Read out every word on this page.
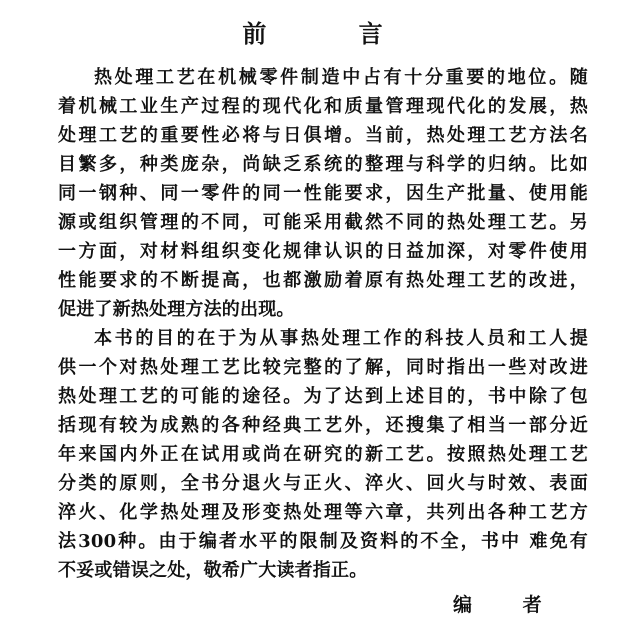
前 言
热处理工艺在机械零件制造中占有十分重要的地位。随
着机械工业生产过程的现代化和质量管理现代化的发展，热
处理工艺的重要性必将与日俱增。当前，热处理工艺方法名
目繁多，种类庞杂，尚缺乏系统的整理与科学的归纳。比如
同一钢种、同一零件的同一性能要求，因生产批量、使用能
源或组织管理的不同，可能采用截然不同的热处理工艺。另
一方面，对材料组织变化规律认识的日益加深，对零件使用
性能要求的不断提高，也都激励着原有热处理工艺的改进，
促进了新热处理方法的出现。
本书的目的在于为从事热处理工作的科技人员和工人提
供一个对热处理工艺比较完整的了解，同时指出一些对改进
热处理工艺的可能的途径。为了达到上述目的，书中除了包
括现有较为成熟的各种经典工艺外，还搜集了相当一部分近
年来国内外正在试用或尚在研究的新工艺。按照热处理工艺
分类的原则，全书分退火与正火、淬火、回火与时效、表面
淬火、化学热处理及形变热处理等六章，共列出各种工艺方
法300种。由于编者水平的限制及资料的不全，书中 难免有
不妥或错误之处，敬希广大读者指正。
编 者
